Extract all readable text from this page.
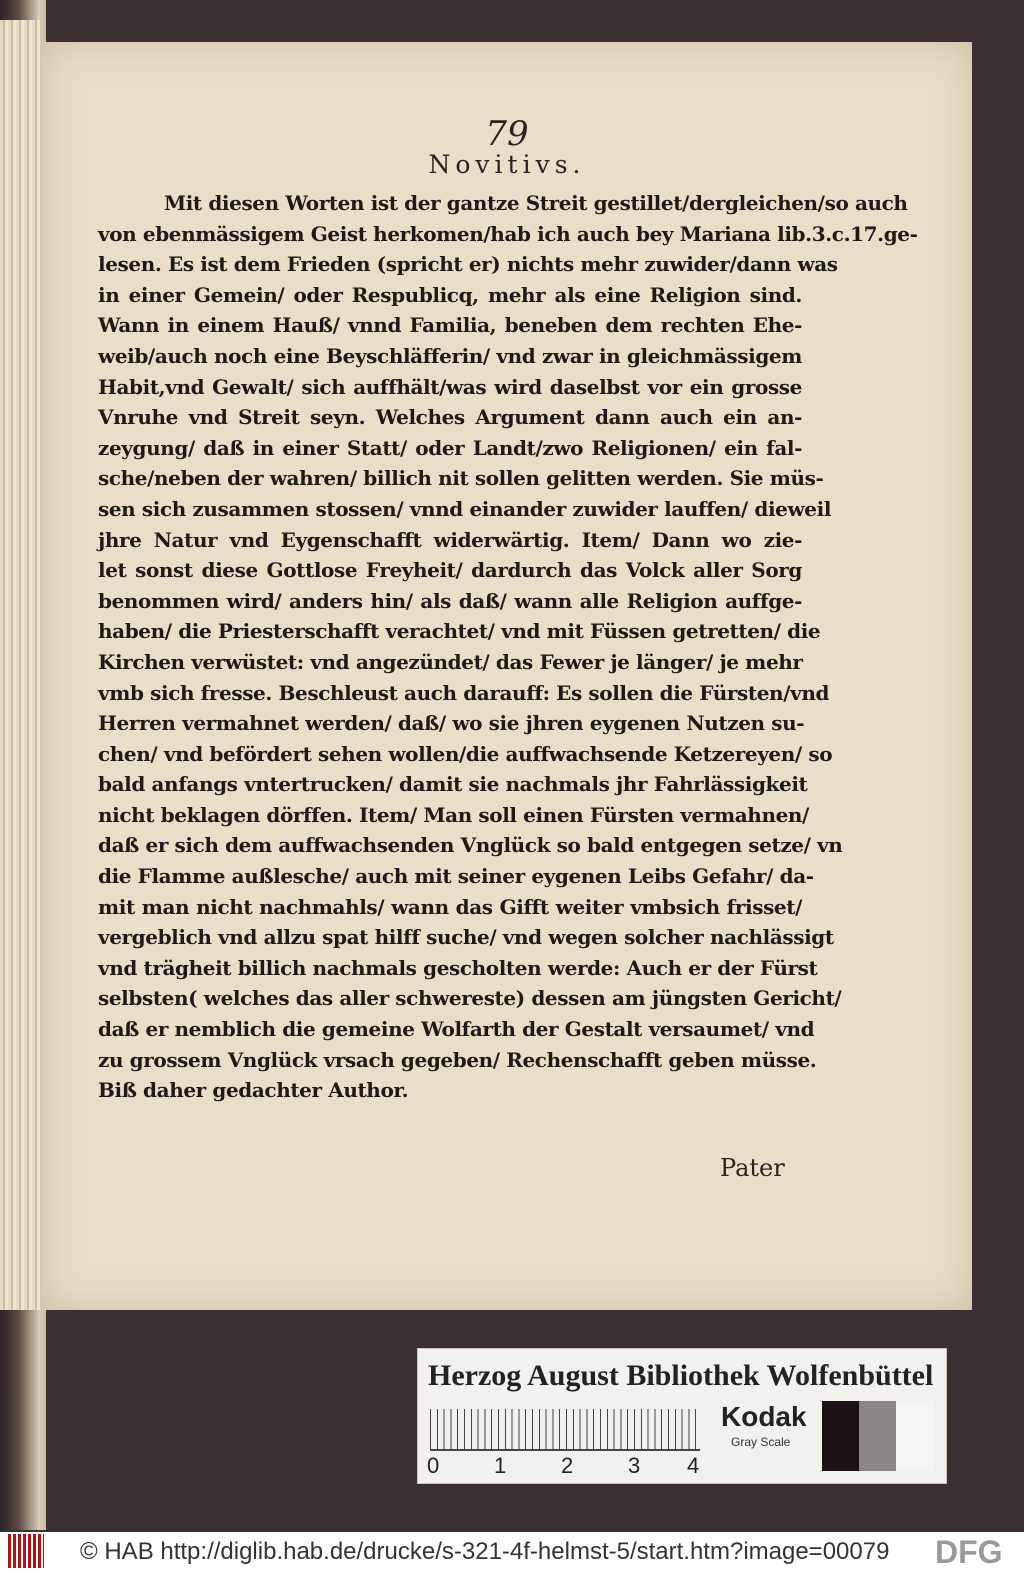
79
Novitivs.
Mit diesen Worten ist der gantze Streit gestillet/dergleichen/so auch
von ebenmässigem Geist herkomen/hab ich auch bey Mariana lib.3.c.17.ge-
lesen. Es ist dem Frieden (spricht er) nichts mehr zuwider/dann was
in einer Gemein/ oder Respublicq, mehr als eine Religion sind.
Wann in einem Hauß/ vnnd Familia, beneben dem rechten Ehe-
weib/auch noch eine Beyschläfferin/ vnd zwar in gleichmässigem
Habit,vnd Gewalt/ sich auffhält/was wird daselbst vor ein grosse
Vnruhe vnd Streit seyn. Welches Argument dann auch ein an-
zeygung/ daß in einer Statt/ oder Landt/zwo Religionen/ ein fal-
sche/neben der wahren/ billich nit sollen gelitten werden. Sie müs-
sen sich zusammen stossen/ vnnd einander zuwider lauffen/ dieweil
jhre Natur vnd Eygenschafft widerwärtig. Item/ Dann wo zie-
let sonst diese Gottlose Freyheit/ dardurch das Volck aller Sorg
benommen wird/ anders hin/ als daß/ wann alle Religion auffge-
haben/ die Priesterschafft verachtet/ vnd mit Füssen getretten/ die
Kirchen verwüstet: vnd angezündet/ das Fewer je länger/ je mehr
vmb sich fresse. Beschleust auch darauff: Es sollen die Fürsten/vnd
Herren vermahnet werden/ daß/ wo sie jhren eygenen Nutzen su-
chen/ vnd befördert sehen wollen/die auffwachsende Ketzereyen/ so
bald anfangs vntertrucken/ damit sie nachmals jhr Fahrlässigkeit
nicht beklagen dörffen. Item/ Man soll einen Fürsten vermahnen/
daß er sich dem auffwachsenden Vnglück so bald entgegen setze/ vn
die Flamme außlesche/ auch mit seiner eygenen Leibs Gefahr/ da-
mit man nicht nachmahls/ wann das Gifft weiter vmbsich frisset/
vergeblich vnd allzu spat hilff suche/ vnd wegen solcher nachlässigt
vnd trägheit billich nachmals gescholten werde: Auch er der Fürst
selbsten( welches das aller schwereste) dessen am jüngsten Gericht/
daß er nemblich die gemeine Wolfarth der Gestalt versaumet/ vnd
zu grossem Vnglück vrsach gegeben/ Rechenschafft geben müsse.
Biß daher gedachter Author.
Pater
Herzog August Bibliothek Wolfenbüttel
0 1 2 3 4
Kodak
Gray Scale
© HAB http://diglib.hab.de/drucke/s-321-4f-helmst-5/start.htm?image=00079 DFG
